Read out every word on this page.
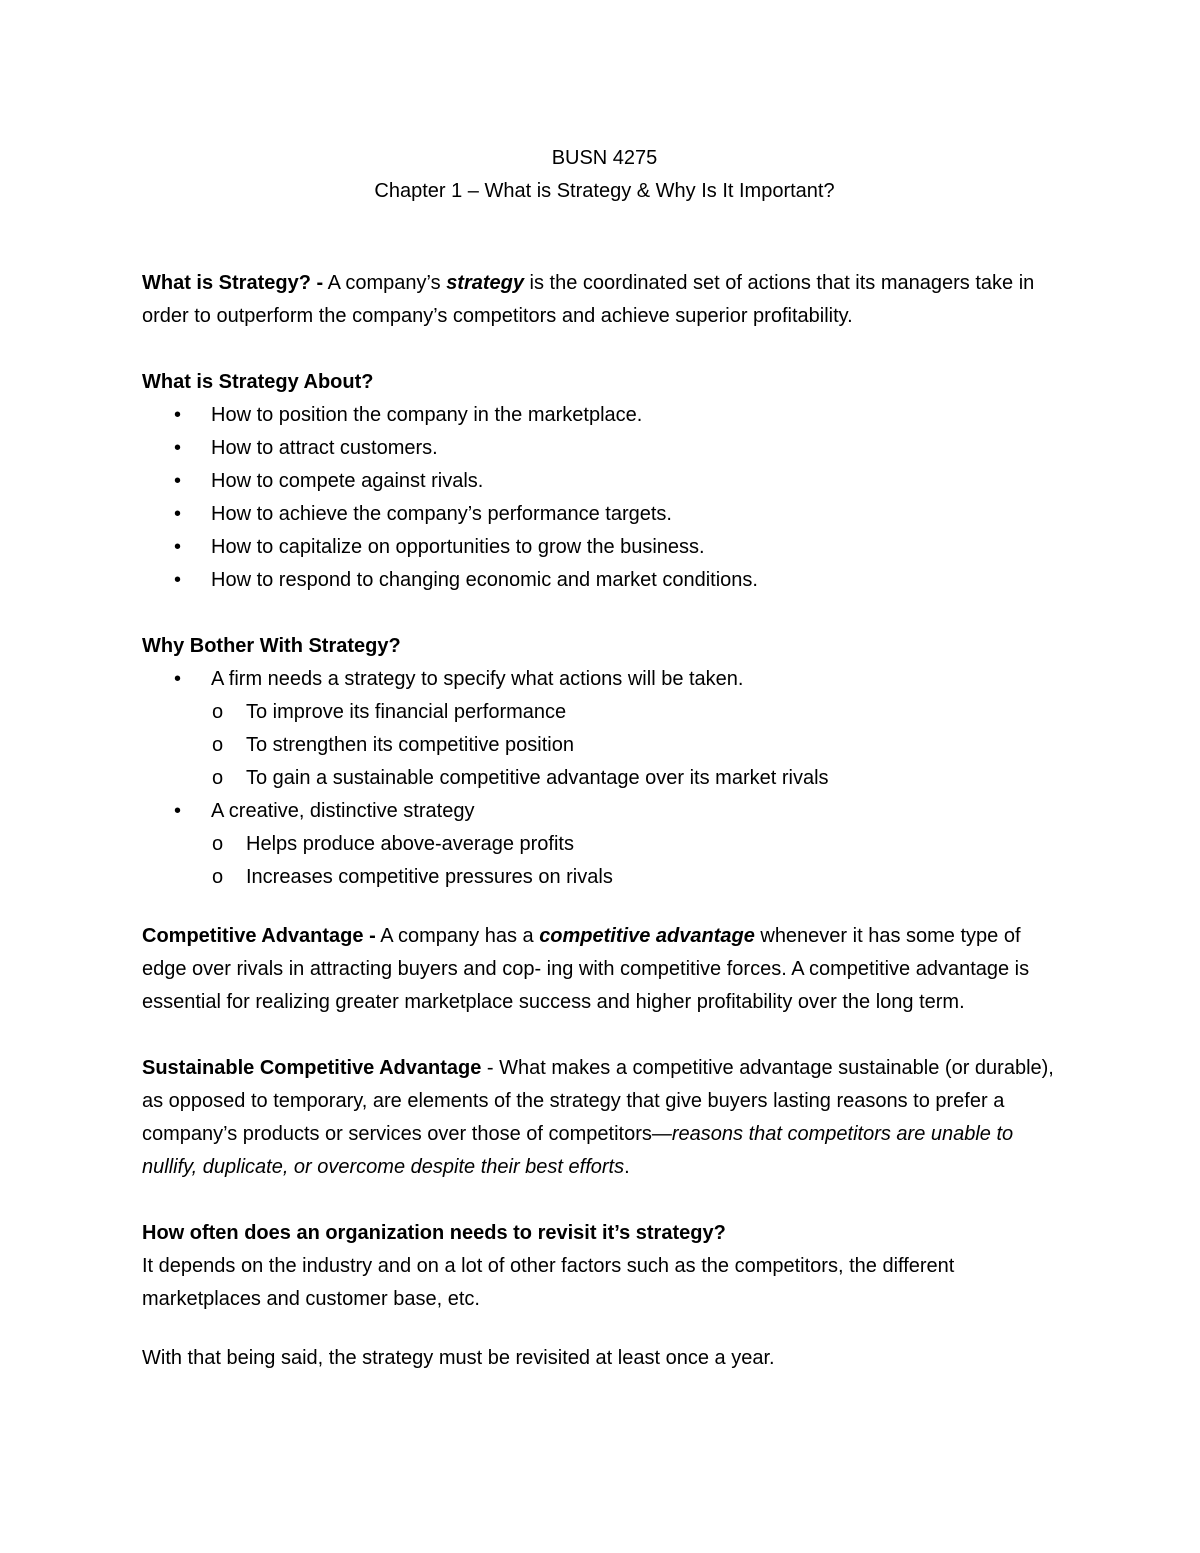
BUSN 4275

Chapter 1 – What is Strategy & Why Is It Important?

What is Strategy? - A company’s strategy is the coordinated set of actions that its managers take in order to outperform the company’s competitors and achieve superior profitability.

What is Strategy About?

• How to position the company in the marketplace.
• How to attract customers.
• How to compete against rivals.
• How to achieve the company’s performance targets.
• How to capitalize on opportunities to grow the business.
• How to respond to changing economic and market conditions.

Why Bother With Strategy?

• A firm needs a strategy to specify what actions will be taken.
o To improve its financial performance
o To strengthen its competitive position
o To gain a sustainable competitive advantage over its market rivals
• A creative, distinctive strategy
o Helps produce above-average profits
o Increases competitive pressures on rivals

Competitive Advantage - A company has a competitive advantage whenever it has some type of edge over rivals in attracting buyers and cop- ing with competitive forces. A competitive advantage is essential for realizing greater marketplace success and higher profitability over the long term.

Sustainable Competitive Advantage - What makes a competitive advantage sustainable (or durable), as opposed to temporary, are elements of the strategy that give buyers lasting reasons to prefer a company’s products or services over those of competitors—reasons that competitors are unable to nullify, duplicate, or overcome despite their best efforts.

How often does an organization needs to revisit it’s strategy?

It depends on the industry and on a lot of other factors such as the competitors, the different marketplaces and customer base, etc.

With that being said, the strategy must be revisited at least once a year.
